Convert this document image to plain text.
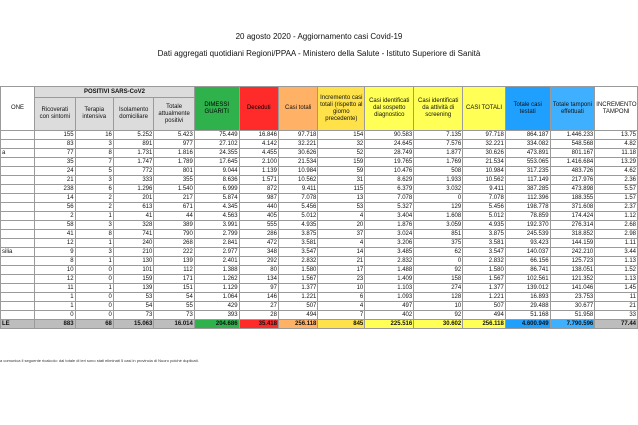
20 agosto 2020 - Aggiornamento casi Covid-19
Dati aggregati quotidiani Regioni/PPAA - Ministero della Salute - Istituto Superiore di Sanità
ONE	POSITIVI SARS-CoV2				DIMESSI GUARITI	Deceduti	Casi totali	Incremento casi totali (rispetto al giorno precedente)	Casi identificati dal sospetto diagnostico	Casi identificati da attività di screening	CASI TOTALI	Totale casi testati	Totale tamponi effettuati	INCREMENTO TAMPONI
	Ricoverati con sintomi	Terapia intensiva	Isolamento domiciliare	Totale attualmente positivi										
	155	16	5.252	5.423	75.449	16.846	97.718	154	90.583	7.135	97.718	864.187	1.446.233	13.75
	83	3	891	977	27.102	4.142	32.221	32	24.645	7.576	32.221	334.082	548.568	4.82
a	77	8	1.731	1.816	24.355	4.455	30.626	52	28.749	1.877	30.626	473.891	801.167	11.18
	35	7	1.747	1.789	17.645	2.100	21.534	159	19.765	1.769	21.534	553.065	1.416.684	13.29
	24	5	772	801	9.044	1.139	10.984	59	10.476	508	10.984	317.235	483.726	4.62
	21	3	333	355	8.636	1.571	10.562	31	8.629	1.933	10.562	117.149	217.976	2.36
	238	6	1.296	1.540	6.999	872	9.411	115	6.379	3.032	9.411	387.285	473.898	5.57
	14	2	201	217	5.874	987	7.078	13	7.078	0	7.078	112.396	188.355	1.57
	56	2	613	671	4.345	440	5.456	53	5.327	129	5.456	198.778	371.608	2.37
	2	1	41	44	4.563	405	5.012	4	3.404	1.608	5.012	78.859	174.424	1.12
	58	3	328	389	3.991	555	4.935	20	1.876	3.059	4.935	192.370	276.314	2.68
	41	8	741	790	2.799	286	3.875	37	3.024	851	3.875	245.539	318.852	2.98
	12	1	240	268	2.841	472	3.581	4	3.206	375	3.581	93.423	144.159	1.11
silia	9	3	210	222	2.977	348	3.547	14	3.485	62	3.547	140.037	242.210	3.44
	8	1	130	139	2.401	292	2.832	21	2.832	0	2.832	66.156	125.723	1.13
	10	0	101	112	1.388	80	1.580	17	1.488	92	1.580	86.741	138.051	1.52
	12	0	159	171	1.262	134	1.567	23	1.409	158	1.567	102.561	121.352	1.13
	11	1	139	151	1.129	97	1.377	10	1.103	274	1.377	139.012	141.046	1.45
	1	0	53	54	1.064	146	1.221	6	1.093	128	1.221	16.893	23.753	11
	1	0	54	55	429	27	507	4	497	10	507	29.488	30.677	21
	0	0	73	73	393	28	494	7	402	92	494	51.168	51.958	33
LE	883	68	15.063	16.014	204.686	35.418	256.118	845	225.516	30.602	256.118	4.600.949	7.790.596	77.44
a comunica il seguente ricalcolo: dal totale di ieri sono stati eliminati 5 casi in provincia di Nuoro poiché duplicati.
